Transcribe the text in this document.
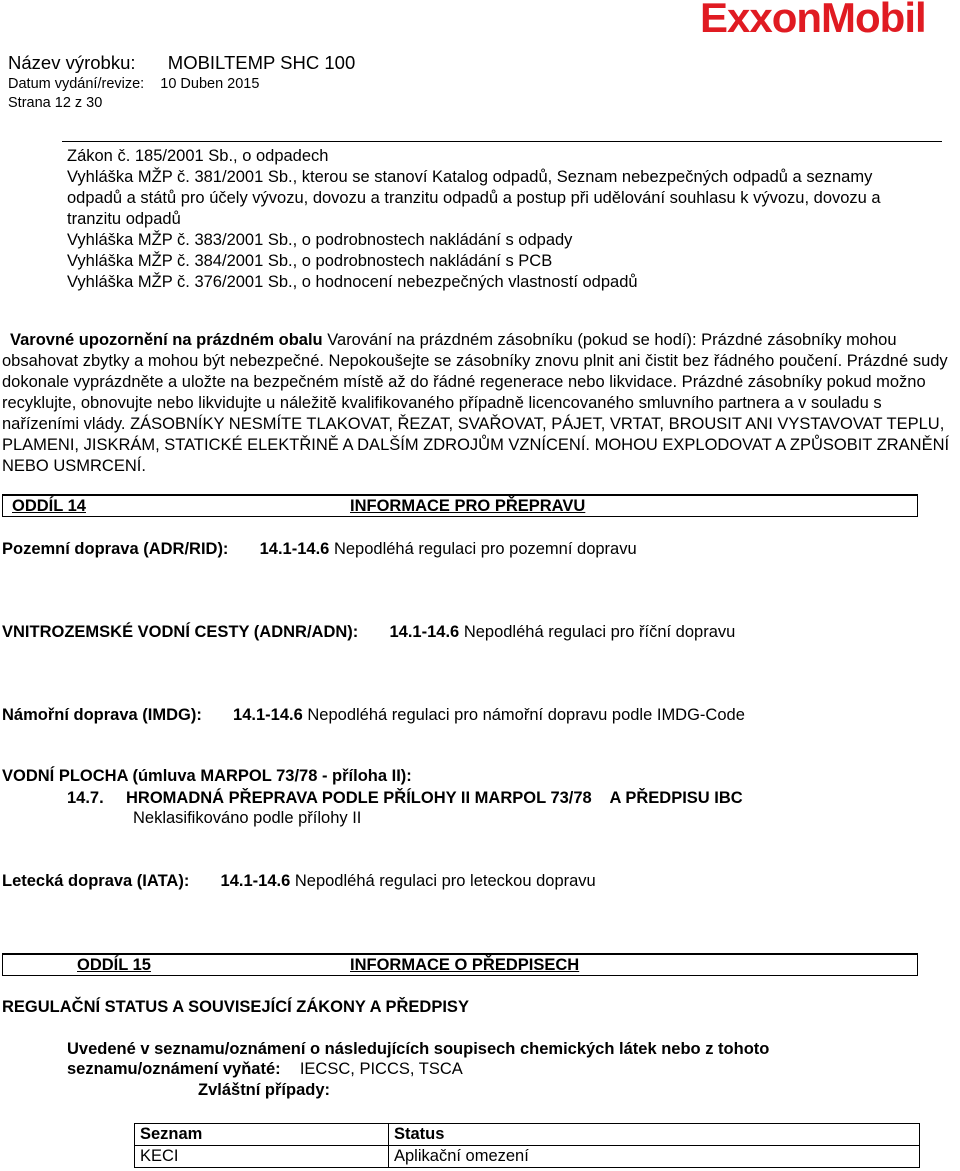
Název výrobku: MOBILTEMP SHC 100
Datum vydání/revize: 10 Duben 2015
Strana 12 z 30
ExxonMobil
Zákon č. 185/2001 Sb., o odpadech
Vyhláška MŽP č. 381/2001 Sb., kterou se stanoví Katalog odpadů, Seznam nebezpečných odpadů a seznamy
odpadů a států pro účely vývozu, dovozu a tranzitu odpadů a postup při udělování souhlasu k vývozu, dovozu a
tranzitu odpadů
Vyhláška MŽP č. 383/2001 Sb., o podrobnostech nakládání s odpady
Vyhláška MŽP č. 384/2001 Sb., o podrobnostech nakládání s PCB
Vyhláška MŽP č. 376/2001 Sb., o hodnocení nebezpečných vlastností odpadů
Varovné upozornění na prázdném obalu Varování na prázdném zásobníku (pokud se hodí): Prázdné zásobníky mohou obsahovat zbytky a mohou být nebezpečné. Nepokoušejte se zásobníky znovu plnit ani čistit bez řádného poučení. Prázdné sudy dokonale vyprázdněte a uložte na bezpečném místě až do řádné regenerace nebo likvidace. Prázdné zásobníky pokud možno recyklujte, obnovujte nebo likvidujte u náležitě kvalifikovaného případně licencovaného smluvního partnera a v souladu s nařízeními vlády. ZÁSOBNÍKY NESMÍTE TLAKOVAT, ŘEZAT, SVAŘOVAT, PÁJET, VRTAT, BROUSIT ANI VYSTAVOVAT TEPLU, PLAMENI, JISKRÁM, STATICKÉ ELEKTŘINĚ A DALŠÍM ZDROJŮM VZNÍCENÍ. MOHOU EXPLODOVAT A ZPŮSOBIT ZRANĚNÍ NEBO USMRCENÍ.
ODDÍL 14	INFORMACE PRO PŘEPRAVU
Pozemní doprava (ADR/RID): 14.1-14.6 Nepodléhá regulaci pro pozemní dopravu
VNITROZEMSKÉ VODNÍ CESTY (ADNR/ADN): 14.1-14.6 Nepodléhá regulaci pro říční dopravu
Námořní doprava (IMDG): 14.1-14.6 Nepodléhá regulaci pro námořní dopravu podle IMDG-Code
VODNÍ PLOCHA (úmluva MARPOL 73/78 - příloha II):
14.7. HROMADNÁ PŘEPRAVA PODLE PŘÍLOHY II MARPOL 73/78    A PŘEDPISU IBC
Neklasifikováno podle přílohy II
Letecká doprava (IATA): 14.1-14.6 Nepodléhá regulaci pro leteckou dopravu
ODDÍL 15	INFORMACE O PŘEDPISECH
REGULAČNÍ STATUS A SOUVISEJÍCÍ ZÁKONY A PŘEDPISY
Uvedené v seznamu/oznámení o následujících soupisech chemických látek nebo z tohoto
seznamu/oznámení vyňaté: IECSC, PICCS, TSCA
Zvláštní případy:
Seznam	Status
KECI	Aplikační omezení
